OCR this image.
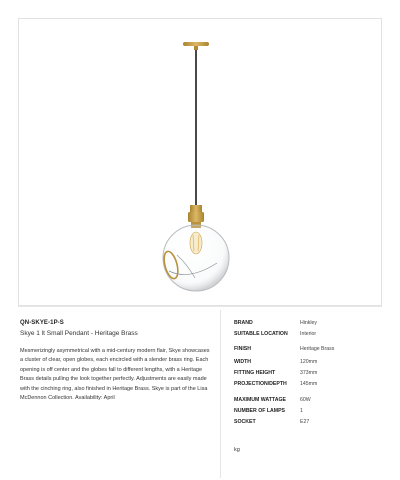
QN-SKYE-1P-S
Skye 1 lt Small Pendant - Heritage Brass

Mesmerizingly asymmetrical with a mid-century modern flair, Skye showcases a cluster of clear, open globes, each encircled with a slender brass ring. Each opening is off center and the globes fall to different lengths, with a Heritage Brass details pulling the look together perfectly. Adjustments are easily made with the cinching ring, also finished in Heritage Brass. Skye is part of the Lisa McDennon Collection. Availability: April

BRAND	Hinkley
SUITABLE LOCATION Interior
FINISH	Heritage Brass
WIDTH	120mm
FITTING HEIGHT	373mm
PROJECTION/DEPTH	145mm
MAXIMUM WATTAGE	60W
NUMBER OF LAMPS	1
SOCKET	E27
kg
